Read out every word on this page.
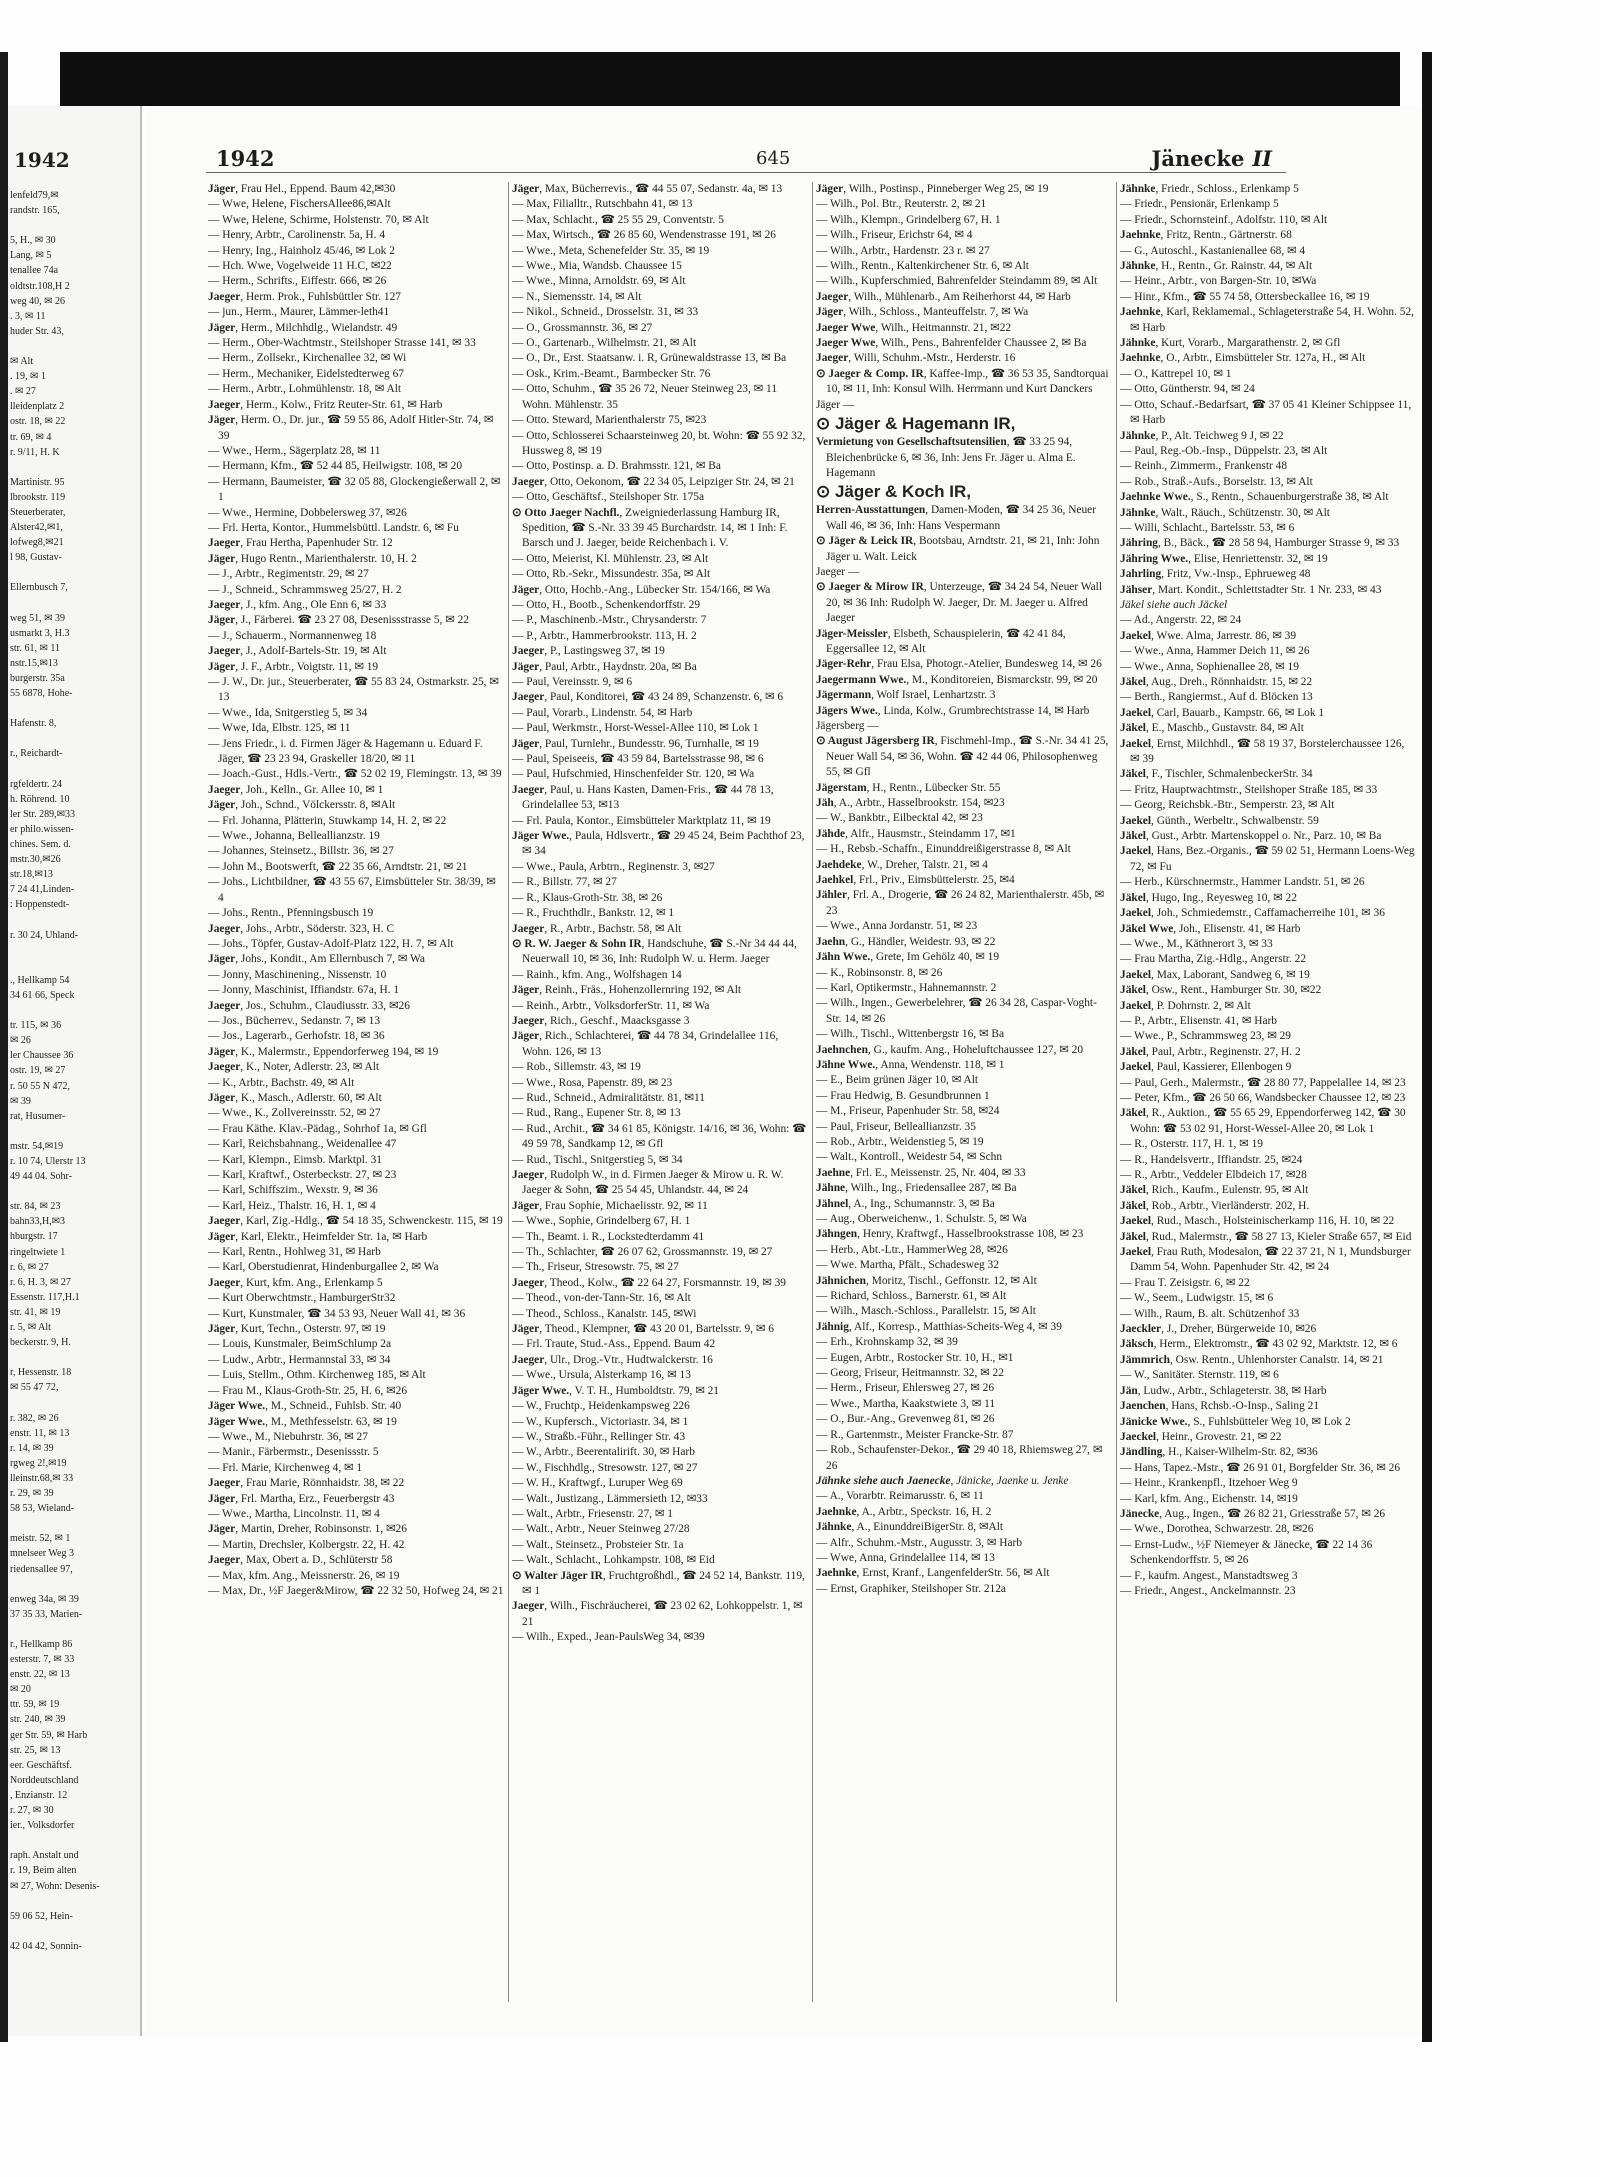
1942
lenfeld79,✉
randstr. 165,

5, H., ✉ 30
Lang, ✉ 5
tenallee 74a
oldtstr.108,H 2
weg 40, ✉ 26
. 3, ✉ 11
huder Str. 43,

✉ Alt
. 19, ✉ 1
. ✉ 27
lleidenplatz 2
ostr. 18, ✉ 22
tr. 69, ✉ 4
r. 9/11, H. K

Martinistr. 95
lbrookstr. 119
Steuerberater,
Alster42,✉1,
lofweg8,✉21
l 98, Gustav-

Ellernbusch 7,

weg 51, ✉ 39
usmarkt 3, H.3
str. 61, ✉ 11
nstr.15,✉13
burgerstr. 35a
55 6878, Hohe-

Hafenstr. 8,

r., Reichardt-

rgfeldertr. 24
h. Röhrend. 10
ler Str. 289,✉33
er philo.wissen-
chines. Sem. d.
mstr.30,✉26
str.18,✉13
7 24 41,Linden-
: Hoppenstedt-

r. 30 24, Uhland-

., Hellkamp 54
34 61 66, Speck

tr. 115, ✉ 36
✉ 26
ler Chaussee 36
ostr. 19, ✉ 27
r. 50 55 N 472,
✉ 39
rat, Husumer-

mstr. 54,✉19
r. 10 74, Ulerstr 13
49 44 04. Sohr-

str. 84, ✉ 23
bahn33,H,✉3
hburgstr. 17
ringeltwiete 1
r. 6, ✉ 27
r. 6, H. 3, ✉ 27
Essenstr. 117,H.1
str. 41, ✉ 19
r. 5, ✉ Alt
beckerstr. 9, H.

r, Hessenstr. 18
✉ 55 47 72,

r. 382, ✉ 26
enstr. 11, ✉ 13
r. 14, ✉ 39
rgweg 2!,✉19
lleinstr.68,✉ 33
r. 29, ✉ 39
58 53, Wieland-

meistr. 52, ✉ 1
mnelseer Weg 3
riedensallee 97,

enweg 34a, ✉ 39
37 35 33, Marien-

r., Hellkamp 86
esterstr. 7, ✉ 33
enstr. 22, ✉ 13
✉ 20
ttr. 59, ✉ 19
str. 240, ✉ 39
ger Str. 59, ✉ Harb
str. 25, ✉ 13
eer. Geschäftsf.
Norddeutschland
, Enzianstr. 12
r. 27, ✉ 30
ier., Volksdorfer

raph. Anstalt und
r. 19, Beim alten
✉ 27, Wohn: Desenis-

59 06 52, Hein-

42 04 42, Sonnin-
1942	645	Jänecke II

Jäger, Frau Hel., Eppend. Baum 42,✉30

— Wwe, Helene, FischersAllee86,✉Alt

— Wwe, Helene, Schirme, Holstenstr. 70, ✉ Alt

— Henry, Arbtr., Carolinenstr. 5a, H. 4

— Henry, Ing., Hainholz 45/46, ✉ Lok 2

— Hch. Wwe, Vogelweide 11 H.C, ✉22

— Herm., Schrifts., Eiffestr. 666, ✉ 26

Jaeger, Herm. Prok., Fuhlsbüttler Str. 127

— jun., Herm., Maurer, Lämmer-leth41

Jäger, Herm., Milchhdlg., Wielandstr. 49

— Herm., Ober-Wachtmstr., Steilshoper Strasse 141, ✉ 33

— Herm., Zollsekr., Kirchenallee 32, ✉ Wi

— Herm., Mechaniker, Eidelstedterweg 67

— Herm., Arbtr., Lohmühlenstr. 18, ✉ Alt

Jaeger, Herm., Kolw., Fritz Reuter-Str. 61, ✉ Harb

Jäger, Herm. O., Dr. jur., ☎ 59 55 86, Adolf Hitler-Str. 74, ✉ 39

— Wwe., Herm., Sägerplatz 28, ✉ 11

— Hermann, Kfm., ☎ 52 44 85, Heilwigstr. 108, ✉ 20

— Hermann, Baumeister, ☎ 32 05 88, Glockengießerwall 2, ✉ 1

— Wwe., Hermine, Dobbelersweg 37, ✉26

— Frl. Herta, Kontor., Hummelsbüttl. Landstr. 6, ✉ Fu

Jaeger, Frau Hertha, Papenhuder Str. 12

Jäger, Hugo Rentn., Marienthalerstr. 10, H. 2

— J., Arbtr., Regimentstr. 29, ✉ 27

— J., Schneid., Schrammsweg 25/27, H. 2

Jaeger, J., kfm. Ang., Ole Enn 6, ✉ 33

Jäger, J., Färberei. ☎ 23 27 08, Desenissstrasse 5, ✉ 22

— J., Schauerm., Normannenweg 18

Jaeger, J., Adolf-Bartels-Str. 19, ✉ Alt

Jäger, J. F., Arbtr., Voigtstr. 11, ✉ 19

— J. W., Dr. jur., Steuerberater, ☎ 55 83 24, Ostmarkstr. 25, ✉ 13

— Wwe., Ida, Snitgerstieg 5, ✉ 34

— Wwe, Ida, Elbstr. 125, ✉ 11

— Jens Friedr., i. d. Firmen Jäger & Hagemann u. Eduard F. Jäger, ☎ 23 23 94, Graskeller 18/20, ✉ 11

— Joach.-Gust., Hdls.-Vertr., ☎ 52 02 19, Flemingstr. 13, ✉ 39

Jaeger, Joh., Kelln., Gr. Allee 10, ✉ 1

Jäger, Joh., Schnd., Völckersstr. 8, ✉Alt

— Frl. Johanna, Plätterin, Stuwkamp 14, H. 2, ✉ 22

— Wwe., Johanna, Belleallianzstr. 19

— Johannes, Steinsetz., Billstr. 36, ✉ 27

— John M., Bootswerft, ☎ 22 35 66, Arndtstr. 21, ✉ 21

— Johs., Lichtbildner, ☎ 43 55 67, Eimsbütteler Str. 38/39, ✉ 4

— Johs., Rentn., Pfenningsbusch 19

Jaeger, Johs., Arbtr., Söderstr. 323, H. C

— Johs., Töpfer, Gustav-Adolf-Platz 122, H. 7, ✉ Alt

Jäger, Johs., Kondit., Am Ellernbusch 7, ✉ Wa

— Jonny, Maschinening., Nissenstr. 10

— Jonny, Maschinist, Iffiandstr. 67a, H. 1

Jaeger, Jos., Schuhm., Claudiusstr. 33, ✉26

— Jos., Bücherrev., Sedanstr. 7, ✉ 13

— Jos., Lagerarb., Gerhofstr. 18, ✉ 36

Jäger, K., Malermstr., Eppendorferweg 194, ✉ 19

Jaeger, K., Noter, Adlerstr. 23, ✉ Alt

— K., Arbtr., Bachstr. 49, ✉ Alt

Jäger, K., Masch., Adlerstr. 60, ✉ Alt

— Wwe., K., Zollvereinsstr. 52, ✉ 27

— Frau Käthe. Klav.-Pädag., Sohrhof 1a, ✉ Gfl

— Karl, Reichsbahnang., Weidenallee 47

— Karl, Klempn., Eimsb. Marktpl. 31

— Karl, Kraftwf., Osterbeckstr. 27, ✉ 23

— Karl, Schiffszim., Wexstr. 9, ✉ 36

— Karl, Heiz., Thalstr. 16, H. 1, ✉ 4

Jaeger, Karl, Zig.-Hdlg., ☎ 54 18 35, Schwenckestr. 115, ✉ 19

Jäger, Karl, Elektr., Heimfelder Str. 1a, ✉ Harb

— Karl, Rentn., Hohlweg 31, ✉ Harb

— Karl, Oberstudienrat, Hindenburgallee 2, ✉ Wa

Jaeger, Kurt, kfm. Ang., Erlenkamp 5

— Kurt Oberwchtmstr., HamburgerStr32

— Kurt, Kunstmaler, ☎ 34 53 93, Neuer Wall 41, ✉ 36

Jäger, Kurt, Techn., Osterstr. 97, ✉ 19

— Louis, Kunstmaler, BeimSchlump 2a

— Ludw., Arbtr., Hermannstal 33, ✉ 34

— Luis, Stellm., Othm. Kirchenweg 185, ✉ Alt

— Frau M., Klaus-Groth-Str. 25, H. 6, ✉26

Jäger Wwe., M., Schneid., Fuhlsb. Str. 40

Jäger Wwe., M., Methfesselstr. 63, ✉ 19

— Wwe., M., Niebuhrstr. 36, ✉ 27

— Manir., Färbermstr., Desenissstr. 5

— Frl. Marie, Kirchenweg 4, ✉ 1

Jaeger, Frau Marie, Rönnhaidstr. 38, ✉ 22

Jäger, Frl. Martha, Erz., Feuerbergstr 43

— Wwe., Martha, Lincolnstr. 11, ✉ 4

Jäger, Martin, Dreher, Robinsonstr. 1, ✉26

— Martin, Drechsler, Kolbergstr. 22, H. 42

Jaeger, Max, Obert a. D., Schlüterstr 58

— Max, kfm. Ang., Meissnerstr. 26, ✉ 19

— Max, Dr., ½F Jaeger&Mirow, ☎ 22 32 50, Hofweg 24, ✉ 21

Jäger, Max, Bücherrevis., ☎ 44 55 07, Sedanstr. 4a, ✉ 13

— Max, Filialltr., Rutschbahn 41, ✉ 13

— Max, Schlacht., ☎ 25 55 29, Conventstr. 5

— Max, Wirtsch., ☎ 26 85 60, Wendenstrasse 191, ✉ 26

— Wwe., Meta, Schenefelder Str. 35, ✉ 19

— Wwe., Mia, Wandsb. Chaussee 15

— Wwe., Minna, Arnoldstr. 69, ✉ Alt

— N., Siemensstr. 14, ✉ Alt

— Nikol., Schneid., Drosselstr. 31, ✉ 33

— O., Grossmannstr. 36, ✉ 27

— O., Gartenarb., Wilhelmstr. 21, ✉ Alt

— O., Dr., Erst. Staatsanw. i. R, Grünewaldstrasse 13, ✉ Ba

— Osk., Krim.-Beamt., Barmbecker Str. 76

— Otto, Schuhm., ☎ 35 26 72, Neuer Steinweg 23, ✉ 11 Wohn. Mühlenstr. 35

— Otto. Steward, Marienthalerstr 75, ✉23

— Otto, Schlosserei Schaarsteinweg 20, bt. Wohn: ☎ 55 92 32, Hussweg 8, ✉ 19

— Otto, Postinsp. a. D. Brahmsstr. 121, ✉ Ba

Jaeger, Otto, Oekonom, ☎ 22 34 05, Leipziger Str. 24, ✉ 21

— Otto, Geschäftsf., Steilshoper Str. 175a

⊙ Otto Jaeger Nachfl., Zweigniederlassung Hamburg IR, Spedition, ☎ S.-Nr. 33 39 45 Burchardstr. 14, ✉ 1 Inh: F. Barsch und J. Jaeger, beide Reichenbach i. V.

— Otto, Meierist, Kl. Mühlenstr. 23, ✉ Alt

— Otto, Rb.-Sekr., Missundestr. 35a, ✉ Alt

Jäger, Otto, Hochb.-Ang., Lübecker Str. 154/166, ✉ Wa

— Otto, H., Bootb., Schenkendorffstr. 29

— P., Maschinenb.-Mstr., Chrysanderstr. 7

— P., Arbtr., Hammerbrookstr. 113, H. 2

Jaeger, P., Lastingsweg 37, ✉ 19

Jäger, Paul, Arbtr., Haydnstr. 20a, ✉ Ba

— Paul, Vereinsstr. 9, ✉ 6

Jaeger, Paul, Konditorei, ☎ 43 24 89, Schanzenstr. 6, ✉ 6

— Paul, Vorarb., Lindenstr. 54, ✉ Harb

— Paul, Werkmstr., Horst-Wessel-Allee 110, ✉ Lok 1

Jäger, Paul, Turnlehr., Bundesstr. 96, Turnhalle, ✉ 19

— Paul, Speiseeis, ☎ 43 59 84, Bartelsstrasse 98, ✉ 6

— Paul, Hufschmied, Hinschenfelder Str. 120, ✉ Wa

Jaeger, Paul, u. Hans Kasten, Damen-Fris., ☎ 44 78 13, Grindelallee 53, ✉13

— Frl. Paula, Kontor., Eimsbütteler Marktplatz 11, ✉ 19

Jäger Wwe., Paula, Hdlsvertr., ☎ 29 45 24, Beim Pachthof 23, ✉ 34

— Wwe., Paula, Arbtrn., Reginenstr. 3, ✉27

— R., Billstr. 77, ✉ 27

— R., Klaus-Groth-Str. 38, ✉ 26

— R., Fruchthdlr., Bankstr. 12, ✉ 1

Jaeger, R., Arbtr., Bachstr. 58, ✉ Alt

⊙ R. W. Jaeger & Sohn IR, Handschuhe, ☎ S.-Nr 34 44 44, Neuerwall 10, ✉ 36, Inh: Rudolph W. u. Herm. Jaeger

— Rainh., kfm. Ang., Wolfshagen 14

Jäger, Reinh., Fräs., Hohenzollernring 192, ✉ Alt

— Reinh., Arbtr., VolksdorferStr. 11, ✉ Wa

Jaeger, Rich., Geschf., Maacksgasse 3

Jäger, Rich., Schlachterei, ☎ 44 78 34, Grindelallee 116, Wohn. 126, ✉ 13

— Rob., Sillemstr. 43, ✉ 19

— Wwe., Rosa, Papenstr. 89, ✉ 23

— Rud., Schneid., Admiralitätstr. 81, ✉11

— Rud., Rang., Eupener Str. 8, ✉ 13

— Rud., Archit., ☎ 34 61 85, Königstr. 14/16, ✉ 36, Wohn: ☎ 49 59 78, Sandkamp 12, ✉ Gfl

— Rud., Tischl., Snitgerstieg 5, ✉ 34

Jaeger, Rudolph W., in d. Firmen Jaeger & Mirow u. R. W. Jaeger & Sohn, ☎ 25 54 45, Uhlandstr. 44, ✉ 24

Jäger, Frau Sophie, Michaelisstr. 92, ✉ 11

— Wwe., Sophie, Grindelberg 67, H. 1

— Th., Beamt. i. R., Lockstedterdamm 41

— Th., Schlachter, ☎ 26 07 62, Grossmannstr. 19, ✉ 27

— Th., Friseur, Stresowstr. 75, ✉ 27

Jaeger, Theod., Kolw., ☎ 22 64 27, Forsmannstr. 19, ✉ 39

— Theod., von-der-Tann-Str. 16, ✉ Alt

— Theod., Schloss., Kanalstr. 145, ✉Wi

Jäger, Theod., Klempner, ☎ 43 20 01, Bartelsstr. 9, ✉ 6

— Frl. Traute, Stud.-Ass., Eppend. Baum 42

Jaeger, Ulr., Drog.-Vtr., Hudtwalckerstr. 16

— Wwe., Ursula, Alsterkamp 16, ✉ 13

Jäger Wwe., V. T. H., Humboldtstr. 79, ✉ 21

— W., Fruchtp., Heidenkampsweg 226

— W., Kupfersch., Victoriastr. 34, ✉ 1

— W., Straßb.-Führ., Rellinger Str. 43

— W., Arbtr., Beerentalirift. 30, ✉ Harb

— W., Fischhdlg., Stresowstr. 127, ✉ 27

— W. H., Kraftwgf., Luruper Weg 69

— Walt., Justizang., Lämmersieth 12, ✉33

— Walt., Arbtr., Friesenstr. 27, ✉ 1

— Walt., Arbtr., Neuer Steinweg 27/28

— Walt., Steinsetz., Probsteier Str. 1a

— Walt., Schlacht., Lohkampstr. 108, ✉ Eid

⊙ Walter Jäger IR, Fruchtgroßhdl., ☎ 24 52 14, Bankstr. 119, ✉ 1

Jaeger, Wilh., Fischräucherei, ☎ 23 02 62, Lohkoppelstr. 1, ✉ 21

— Wilh., Exped., Jean-PaulsWeg 34, ✉39

Jäger, Wilh., Postinsp., Pinneberger Weg 25, ✉ 19

— Wilh., Pol. Btr., Reuterstr. 2, ✉ 21

— Wilh., Klempn., Grindelberg 67, H. 1

— Wilh., Friseur, Erichstr 64, ✉ 4

— Wilh., Arbtr., Hardenstr. 23 r. ✉ 27

— Wilh., Rentn., Kaltenkirchener Str. 6, ✉ Alt

— Wilh., Kupferschmied, Bahrenfelder Steindamm 89, ✉ Alt

Jaeger, Wilh., Mühlenarb., Am Reiherhorst 44, ✉ Harb

Jäger, Wilh., Schloss., Manteuffelstr. 7, ✉ Wa

Jaeger Wwe, Wilh., Heitmannstr. 21, ✉22

Jaeger Wwe, Wilh., Pens., Bahrenfelder Chaussee 2, ✉ Ba

Jaeger, Willi, Schuhm.-Mstr., Herderstr. 16

⊙ Jaeger & Comp. IR, Kaffee-Imp., ☎ 36 53 35, Sandtorquai 10, ✉ 11, Inh: Konsul Wilh. Herrmann und Kurt Danckers

Jäger —

⊙ Jäger & Hagemann IR,

Vermietung von Gesellschaftsutensilien, ☎ 33 25 94, Bleichenbrücke 6, ✉ 36, Inh: Jens Fr. Jäger u. Alma E. Hagemann

⊙ Jäger & Koch IR,

Herren-Ausstattungen, Damen-Moden, ☎ 34 25 36, Neuer Wall 46, ✉ 36, Inh: Hans Vespermann

⊙ Jäger & Leick IR, Bootsbau, Arndtstr. 21, ✉ 21, Inh: John Jäger u. Walt. Leick

Jaeger —

⊙ Jaeger & Mirow IR, Unterzeuge, ☎ 34 24 54, Neuer Wall 20, ✉ 36 Inh: Rudolph W. Jaeger, Dr. M. Jaeger u. Alfred Jaeger

Jäger-Meissler, Elsbeth, Schauspielerin, ☎ 42 41 84, Eggersallee 12, ✉ Alt

Jäger-Rehr, Frau Elsa, Photogr.-Atelier, Bundesweg 14, ✉ 26

Jaegermann Wwe., M., Konditoreien, Bismarckstr. 99, ✉ 20

Jägermann, Wolf Israel, Lenhartzstr. 3

Jägers Wwe., Linda, Kolw., Grumbrechtstrasse 14, ✉ Harb

Jägersberg —

⊙ August Jägersberg IR, Fischmehl-Imp., ☎ S.-Nr. 34 41 25, Neuer Wall 54, ✉ 36, Wohn. ☎ 42 44 06, Philosophenweg 55, ✉ Gfl

Jägerstam, H., Rentn., Lübecker Str. 55

Jäh, A., Arbtr., Hasselbrookstr. 154, ✉23

— W., Bankbtr., Eilbecktal 42, ✉ 23

Jähde, Alfr., Hausmstr., Steindamm 17, ✉1

— H., Rebsb.-Schaffn., Einunddreißigerstrasse 8, ✉ Alt

Jaehdeke, W., Dreher, Talstr. 21, ✉ 4

Jaehkel, Frl., Priv., Eimsbüttelerstr. 25, ✉4

Jähler, Frl. A., Drogerie, ☎ 26 24 82, Marienthalerstr. 45b, ✉ 23

— Wwe., Anna Jordanstr. 51, ✉ 23

Jaehn, G., Händler, Weidestr. 93, ✉ 22

Jähn Wwe., Grete, Im Gehölz 40, ✉ 19

— K., Robinsonstr. 8, ✉ 26

— Karl, Optikermstr., Hahnemannstr. 2

— Wilh., Ingen., Gewerbelehrer, ☎ 26 34 28, Caspar-Voght-Str. 14, ✉ 26

— Wilh., Tischl., Wittenbergstr 16, ✉ Ba

Jaehnchen, G., kaufm. Ang., Hoheluftchaussee 127, ✉ 20

Jähne Wwe., Anna, Wendenstr. 118, ✉ 1

— E., Beim grünen Jäger 10, ✉ Alt

— Frau Hedwig, B. Gesundbrunnen 1

— M., Friseur, Papenhuder Str. 58, ✉24

— Paul, Friseur, Belleallianzstr. 35

— Rob., Arbtr., Weidenstieg 5, ✉ 19

— Walt., Kontroll., Weidestr 54, ✉ Schn

Jaehne, Frl. E., Meissenstr. 25, Nr. 404, ✉ 33

Jähne, Wilh., Ing., Friedensallee 287, ✉ Ba

Jähnel, A., Ing., Schumannstr. 3, ✉ Ba

— Aug., Oberweichenw., 1. Schulstr. 5, ✉ Wa

Jähngen, Henry, Kraftwgf., Hasselbrookstrasse 108, ✉ 23

— Herb., Abt.-Ltr., HammerWeg 28, ✉26

— Wwe. Martha, Pfält., Schadesweg 32

Jähnichen, Moritz, Tischl., Geffonstr. 12, ✉ Alt

— Richard, Schloss., Barnerstr. 61, ✉ Alt

— Wilh., Masch.-Schloss., Parallelstr. 15, ✉ Alt

Jähnig, Alf., Korresp., Matthias-Scheits-Weg 4, ✉ 39

— Erh., Krohnskamp 32, ✉ 39

— Eugen, Arbtr., Rostocker Str. 10, H., ✉1

— Georg, Friseur, Heitmannstr. 32, ✉ 22

— Herm., Friseur, Ehlersweg 27, ✉ 26

— Wwe., Martha, Kaakstwiete 3, ✉ 11

— O., Bur.-Ang., Grevenweg 81, ✉ 26

— R., Gartenmstr., Meister Francke-Str. 87

— Rob., Schaufenster-Dekor., ☎ 29 40 18, Rhiemsweg 27, ✉ 26

Jähnke siehe auch Jaenecke, Jänicke, Jaenke u. Jenke

— A., Vorarbtr. Reimarusstr. 6, ✉ 11

Jaehnke, A., Arbtr., Speckstr. 16, H. 2

Jähnke, A., EinunddreiBigerStr. 8, ✉Alt

— Alfr., Schuhm.-Mstr., Augusstr. 3, ✉ Harb

— Wwe, Anna, Grindelallee 114, ✉ 13

Jaehnke, Ernst, Kranf., LangenfelderStr. 56, ✉ Alt

— Ernst, Graphiker, Steilshoper Str. 212a

Jähnke, Friedr., Schloss., Erlenkamp 5

— Friedr., Pensionär, Erlenkamp 5

— Friedr., Schornsteinf., Adolfstr. 110, ✉ Alt

Jaehnke, Fritz, Rentn., Gärtnerstr. 68

— G., Autoschl., Kastanienallee 68, ✉ 4

Jähnke, H., Rentn., Gr. Rainstr. 44, ✉ Alt

— Heinr., Arbtr., von Bargen-Str. 10, ✉Wa

— Hinr., Kfm., ☎ 55 74 58, Ottersbeckallee 16, ✉ 19

Jaehnke, Karl, Reklamemal., Schlageterstraße 54, H. Wohn. 52, ✉ Harb

Jähnke, Kurt, Vorarb., Margarathenstr. 2, ✉ Gfl

Jaehnke, O., Arbtr., Eimsbütteler Str. 127a, H., ✉ Alt

— O., Kattrepel 10, ✉ 1

— Otto, Güntherstr. 94, ✉ 24

— Otto, Schauf.-Bedarfsart, ☎ 37 05 41 Kleiner Schippsee 11, ✉ Harb

Jähnke, P., Alt. Teichweg 9 J, ✉ 22

— Paul, Reg.-Ob.-Insp., Düppelstr. 23, ✉ Alt

— Reinh., Zimmerm., Frankenstr 48

— Rob., Straß.-Aufs., Borselstr. 13, ✉ Alt

Jaehnke Wwe., S., Rentn., Schauenburgerstraße 38, ✉ Alt

Jähnke, Walt., Räuch., Schützenstr. 30, ✉ Alt

— Willi, Schlacht., Bartelsstr. 53, ✉ 6

Jähring, B., Bäck., ☎ 28 58 94, Hamburger Strasse 9, ✉ 33

Jähring Wwe., Elise, Henriettenstr. 32, ✉ 19

Jahrling, Fritz, Vw.-Insp., Ephrueweg 48

Jähser, Mart. Kondit., Schlettstadter Str. 1 Nr. 233, ✉ 43

Jäkel siehe auch Jäckel

— Ad., Angerstr. 22, ✉ 24

Jaekel, Wwe. Alma, Jarrestr. 86, ✉ 39

— Wwe., Anna, Hammer Deich 11, ✉ 26

— Wwe., Anna, Sophienallee 28, ✉ 19

Jäkel, Aug., Dreh., Rönnhaidstr. 15, ✉ 22

— Berth., Rangiermst., Auf d. Blöcken 13

Jaekel, Carl, Bauarb., Kampstr. 66, ✉ Lok 1

Jäkel, E., Maschb., Gustavstr. 84, ✉ Alt

Jaekel, Ernst, Milchhdl., ☎ 58 19 37, Borstelerchaussee 126, ✉ 39

Jäkel, F., Tischler, SchmalenbeckerStr. 34

— Fritz, Hauptwachtmstr., Steilshoper Straße 185, ✉ 33

— Georg, Reichsbk.-Btr., Semperstr. 23, ✉ Alt

Jaekel, Günth., Werbeltr., Schwalbenstr. 59

Jäkel, Gust., Arbtr. Martenskoppel o. Nr., Parz. 10, ✉ Ba

Jaekel, Hans, Bez.-Organis., ☎ 59 02 51, Hermann Loens-Weg 72, ✉ Fu

— Herb., Kürschnermstr., Hammer Landstr. 51, ✉ 26

Jäkel, Hugo, Ing., Reyesweg 10, ✉ 22

Jaekel, Joh., Schmiedemstr., Caffamacherreihe 101, ✉ 36

Jäkel Wwe, Joh., Elisenstr. 41, ✉ Harb

— Wwe., M., Käthnerort 3, ✉ 33

— Frau Martha, Zig.-Hdlg., Angerstr. 22

Jaekel, Max, Laborant, Sandweg 6, ✉ 19

Jäkel, Osw., Rent., Hamburger Str. 30, ✉22

Jaekel, P. Dohrnstr. 2, ✉ Alt

— P., Arbtr., Elisenstr. 41, ✉ Harb

— Wwe., P., Schrammsweg 23, ✉ 29

Jäkel, Paul, Arbtr., Reginenstr. 27, H. 2

Jaekel, Paul, Kassierer, Ellenbogen 9

— Paul, Gerh., Malermstr., ☎ 28 80 77, Pappelallee 14, ✉ 23

— Peter, Kfm., ☎ 26 50 66, Wandsbecker Chaussee 12, ✉ 23

Jäkel, R., Auktion., ☎ 55 65 29, Eppendorferweg 142, ☎ 30 Wohn: ☎ 53 02 91, Horst-Wessel-Allee 20, ✉ Lok 1

— R., Osterstr. 117, H. 1, ✉ 19

— R., Handelsvertr., Iffiandstr. 25, ✉24

— R., Arbtr., Veddeler Elbdeich 17, ✉28

Jäkel, Rich., Kaufm., Eulenstr. 95, ✉ Alt

Jäkel, Rob., Arbtr., Vierländerstr. 202, H.

Jaekel, Rud., Masch., Holsteinischerkamp 116, H. 10, ✉ 22

Jäkel, Rud., Malermstr., ☎ 58 27 13, Kieler Straße 657, ✉ Eid

Jaekel, Frau Ruth, Modesalon, ☎ 22 37 21, N 1, Mundsburger Damm 54, Wohn. Papenhuder Str. 42, ✉ 24

— Frau T. Zeisigstr. 6, ✉ 22

— W., Seem., Ludwigstr. 15, ✉ 6

— Wilh., Raum, B. alt. Schützenhof 33

Jaeckler, J., Dreher, Bürgerweide 10, ✉26

Jäksch, Herm., Elektromstr., ☎ 43 02 92, Marktstr. 12, ✉ 6

Jämmrich, Osw. Rentn., Uhlenhorster Canalstr. 14, ✉ 21

— W., Sanitäter. Sternstr. 119, ✉ 6

Jän, Ludw., Arbtr., Schlageterstr. 38, ✉ Harb

Jaenchen, Hans, Rchsb.-O-Insp., Saling 21

Jänicke Wwe., S., Fuhlsbütteler Weg 10, ✉ Lok 2

Jaeckel, Heinr., Grovestr. 21, ✉ 22

Jändling, H., Kaiser-Wilhelm-Str. 82, ✉36

— Hans, Tapez.-Mstr., ☎ 26 91 01, Borgfelder Str. 36, ✉ 26

— Heinr., Krankenpfl., Itzehoer Weg 9

— Karl, kfm. Ang., Eichenstr. 14, ✉19

Jänecke, Aug., Ingen., ☎ 26 82 21, Griesstraße 57, ✉ 26

— Wwe., Dorothea, Schwarzestr. 28, ✉26

— Ernst-Ludw., ½F Niemeyer & Jänecke, ☎ 22 14 36 Schenkendorffstr. 5, ✉ 26

— F., kaufm. Angest., Manstadtsweg 3

— Friedr., Angest., Anckelmannstr. 23
